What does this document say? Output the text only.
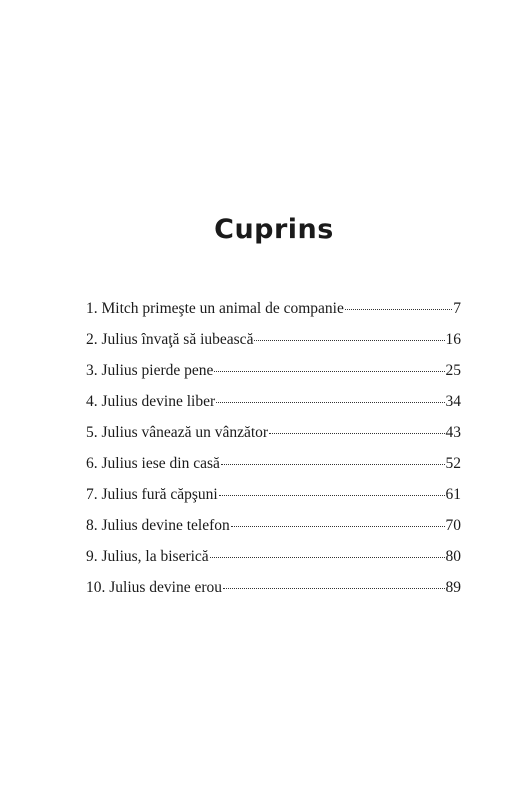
Cuprins
1. Mitch primeşte un animal de companie	7
2. Julius învaţă să iubească	16
3. Julius pierde pene	25
4. Julius devine liber	34
5. Julius vânează un vânzător	43
6. Julius iese din casă	52
7. Julius fură căpşuni	61
8. Julius devine telefon	70
9. Julius, la biserică	80
10. Julius devine erou	89
